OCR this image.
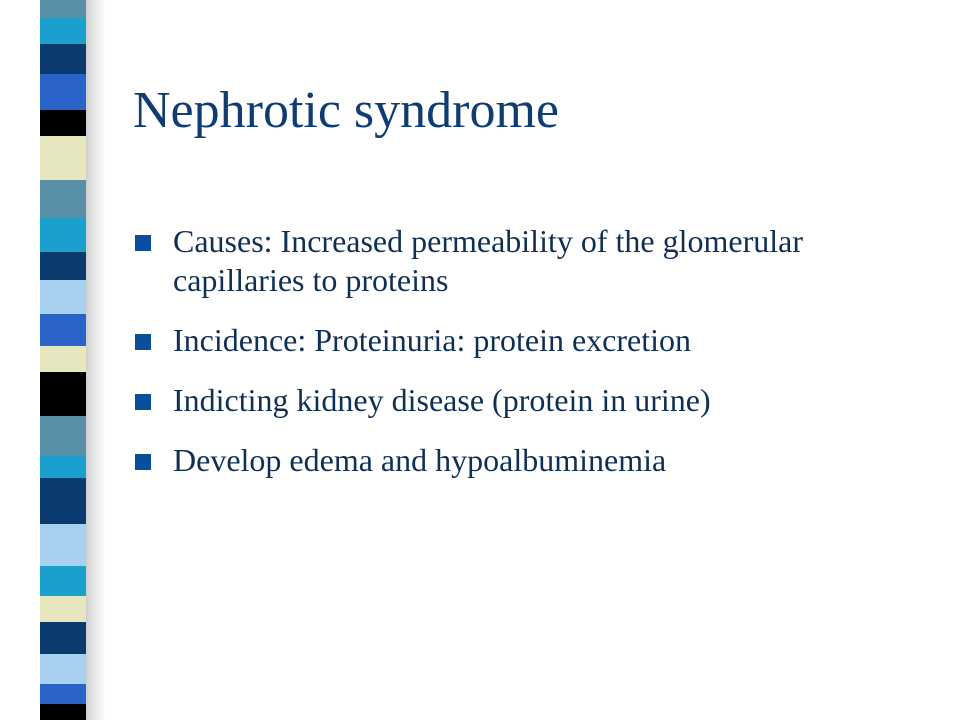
Nephrotic syndrome
Causes: Increased permeability of the glomerular capillaries to proteins
Incidence: Proteinuria: protein excretion
Indicting kidney disease (protein in urine)
Develop edema and hypoalbuminemia
